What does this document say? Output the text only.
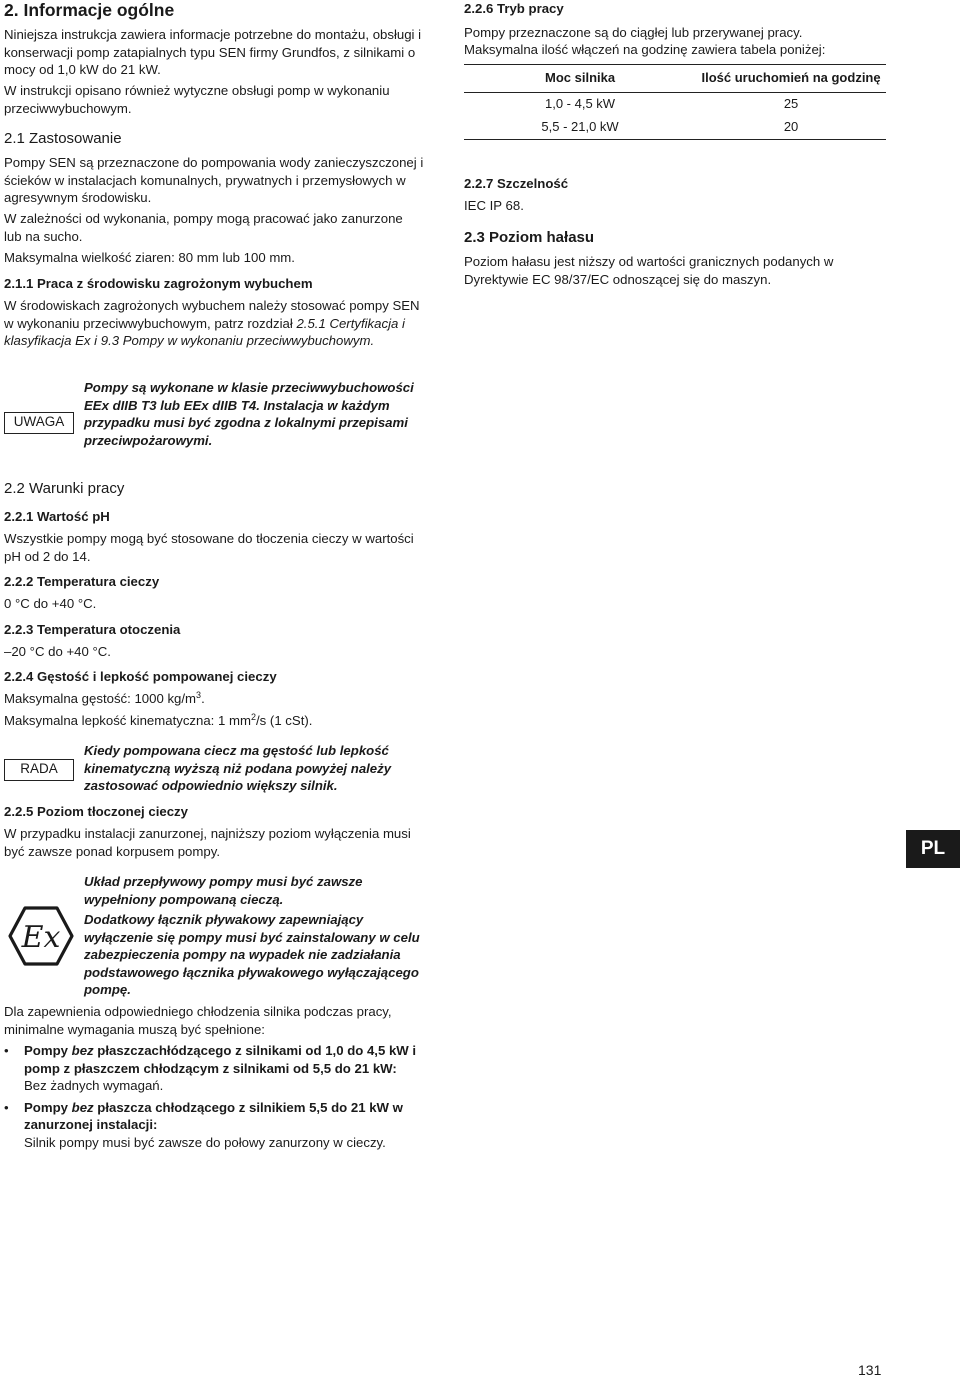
2. Informacje ogólne

Niniejsza instrukcja zawiera informacje potrzebne do montażu, obsługi i konserwacji pomp zatapialnych typu SEN firmy Grundfos, z silnikami o mocy od 1,0 kW do 21 kW.

W instrukcji opisano również wytyczne obsługi pomp w wykonaniu przeciwwybuchowym.

2.1 Zastosowanie

Pompy SEN są przeznaczone do pompowania wody zanieczyszczonej i ścieków w instalacjach komunalnych, prywatnych i przemysłowych w agresywnym środowisku.

W zależności od wykonania, pompy mogą pracować jako zanurzone lub na sucho.

Maksymalna wielkość ziaren: 80 mm lub 100 mm.

2.1.1 Praca z środowisku zagrożonym wybuchem

W środowiskach zagrożonych wybuchem należy stosować pompy SEN w wykonaniu przeciwwybuchowym, patrz rozdział 2.5.1 Certyfikacja i klasyfikacja Ex i 9.3 Pompy w wykonaniu przeciwwybuchowym.

UWAGA

Pompy są wykonane w klasie przeciwwybuchowości EEx dIIB T3 lub EEx dIIB T4. Instalacja w każdym przypadku musi być zgodna z lokalnymi przepisami przeciwpożarowymi.

2.2 Warunki pracy
2.2.1 Wartość pH

Wszystkie pompy mogą być stosowane do tłoczenia cieczy w wartości pH od 2 do 14.

2.2.2 Temperatura cieczy

0 °C do +40 °C.

2.2.3 Temperatura otoczenia

–20 °C do +40 °C.

2.2.4 Gęstość i lepkość pompowanej cieczy

Maksymalna gęstość: 1000 $kg/m^3$.

Maksymalna lepkość kinematyczna: 1 $mm^2/s$ (1 cSt).

RADA

Kiedy pompowana ciecz ma gęstość lub lepkość kinematyczną wyższą niż podana powyżej należy zastosować odpowiednio większy silnik.

2.2.5 Poziom tłoczonej cieczy

W przypadku instalacji zanurzonej, najniższy poziom wyłączenia musi być zawsze ponad korpusem pompy.

Ex

Układ przepływowy pompy musi być zawsze wypełniony pompowaną cieczą.

Dodatkowy łącznik pływakowy zapewniający wyłączenie się pompy musi być zainstalowany w celu zabezpieczenia pompy na wypadek nie zadziałania podstawowego łącznika pływakowego wyłączającego pompę.

Dla zapewnienia odpowiedniego chłodzenia silnika podczas pracy, minimalne wymagania muszą być spełnione:

• Pompy bez płaszczachłódzącego z silnikami od 1,0 do 4,5 kW i pomp z płaszczem chłodzącym z silnikami od 5,5 do 21 kW:
Bez żadnych wymagań.
• Pompy bez płaszcza chłodzącego z silnikiem 5,5 do 21 kW w zanurzonej instalacji:
Silnik pompy musi być zawsze do połowy zanurzony w cieczy.
2.2.6 Tryb pracy

Pompy przeznaczone są do ciągłej lub przerywanej pracy.

Maksymalna ilość włączeń na godzinę zawiera tabela poniżej:

Moc silnika	Ilość uruchomień na godzinę
1,0 - 4,5 kW	25
5,5 - 21,0 kW	20
2.2.7 Szczelność

IEC IP 68.

2.3 Poziom hałasu

Poziom hałasu jest niższy od wartości granicznych podanych w Dyrektywie EC 98/37/EC odnoszącej się do maszyn.

PL
131
